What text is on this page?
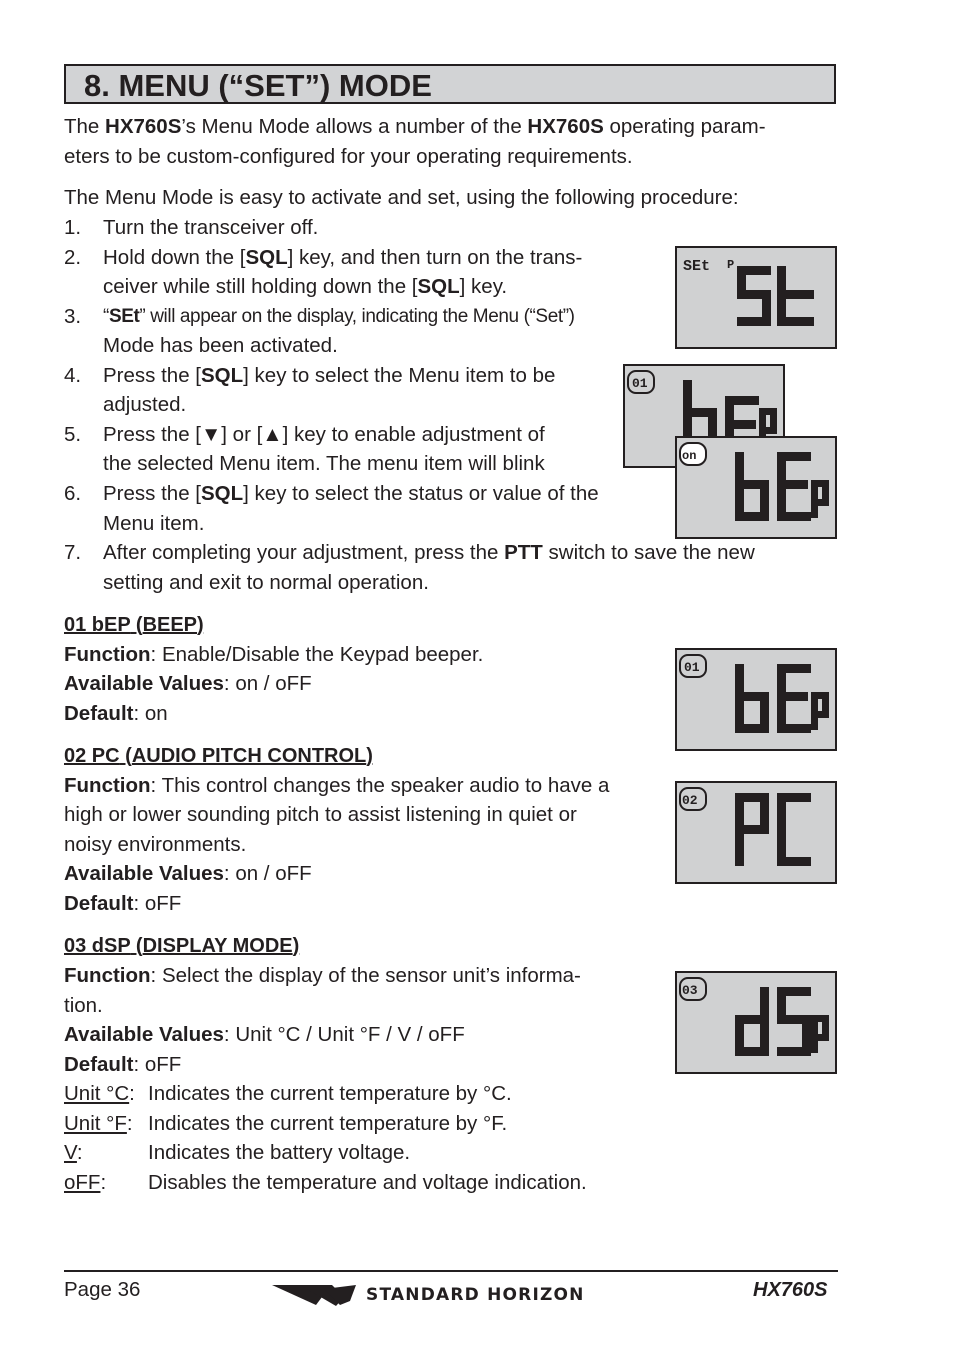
8. MENU (“SET”) MODE
The HX760S’s Menu Mode allows a number of the HX760S operating param-
eters to be custom-configured for your operating requirements.
The Menu Mode is easy to activate and set, using the following procedure:
1. Turn the transceiver off.
2. Hold down the [SQL] key, and then turn on the trans-
ceiver while still holding down the [SQL] key.
3. “SEt” will appear on the display, indicating the Menu (“Set”)
Mode has been activated.
4. Press the [SQL] key to select the Menu item to be
adjusted.
5. Press the [▼] or [▲] key to enable adjustment of
the selected Menu item. The menu item will blink
6. Press the [SQL] key to select the status or value of the
Menu item.
7. After completing your adjustment, press the PTT switch to save the new
setting and exit to normal operation.
01 bEP (BEEP)
Function: Enable/Disable the Keypad beeper.
Available Values: on / oFF
Default: on
02 PC (AUDIO PITCH CONTROL)
Function: This control changes the speaker audio to have a
high or lower sounding pitch to assist listening in quiet or
noisy environments.
Available Values: on / oFF
Default: oFF
03 dSP (DISPLAY MODE)
Function: Select the display of the sensor unit’s informa-
tion.
Available Values: Unit °C / Unit °F / V / oFF
Default: oFF
Unit °C: Indicates the current temperature by °C.
Unit °F: Indicates the current temperature by °F.
V:	Indicates the battery voltage.
oFF: Disables the temperature and voltage indication.
SEt P
01
on
01
02
03
Page 36	STANDARD HORIZON	HX760S
